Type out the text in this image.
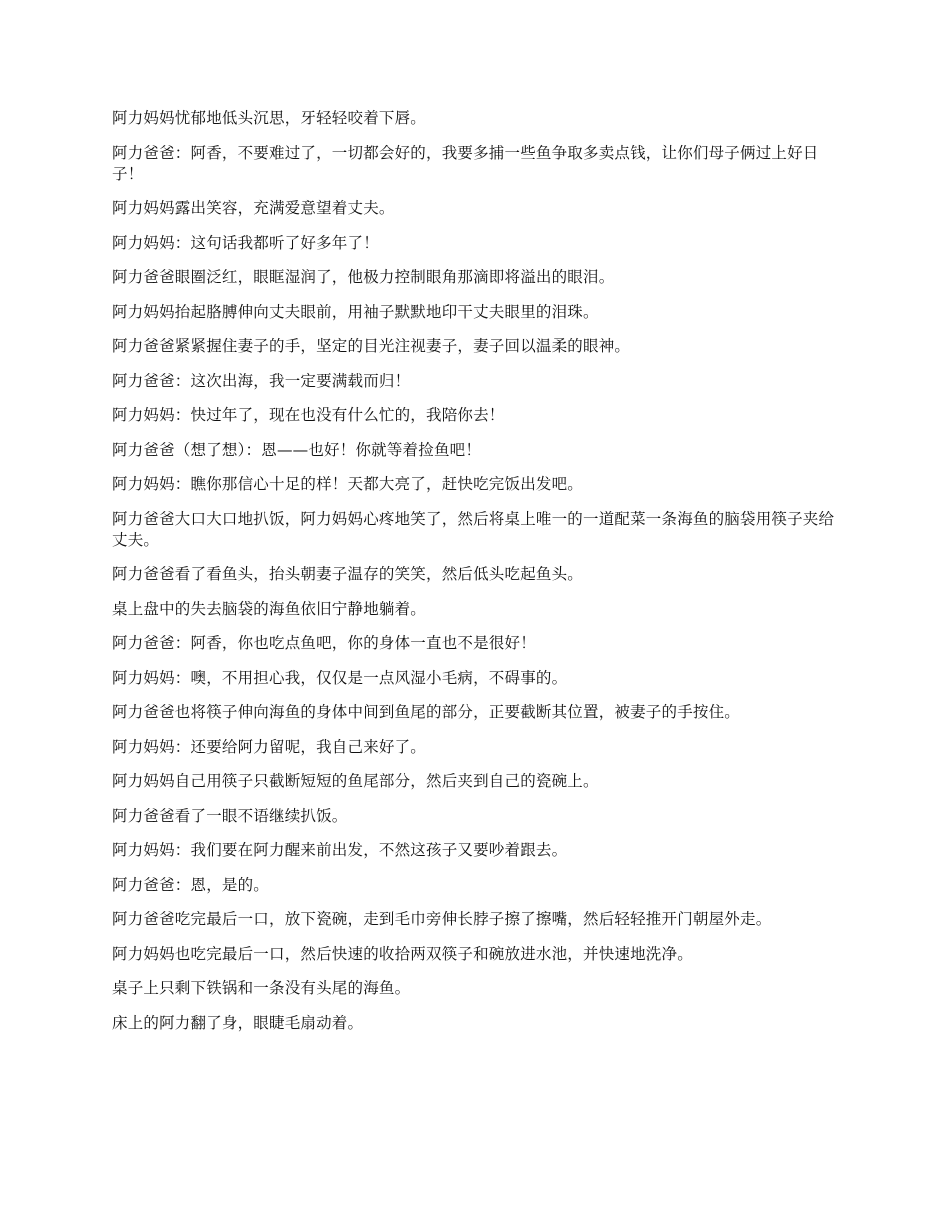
阿力妈妈忧郁地低头沉思，牙轻轻咬着下唇。

阿力爸爸：阿香，不要难过了，一切都会好的，我要多捕一些鱼争取多卖点钱，让你们母子俩过上好日子！

阿力妈妈露出笑容，充满爱意望着丈夫。

阿力妈妈：这句话我都听了好多年了！

阿力爸爸眼圈泛红，眼眶湿润了，他极力控制眼角那滴即将溢出的眼泪。

阿力妈妈抬起胳膊伸向丈夫眼前，用袖子默默地印干丈夫眼里的泪珠。

阿力爸爸紧紧握住妻子的手，坚定的目光注视妻子，妻子回以温柔的眼神。

阿力爸爸：这次出海，我一定要满载而归！

阿力妈妈：快过年了，现在也没有什么忙的，我陪你去！

阿力爸爸（想了想）：恩——也好！你就等着捡鱼吧！

阿力妈妈：瞧你那信心十足的样！天都大亮了，赶快吃完饭出发吧。

阿力爸爸大口大口地扒饭，阿力妈妈心疼地笑了，然后将桌上唯一的一道配菜一条海鱼的脑袋用筷子夹给丈夫。

阿力爸爸看了看鱼头，抬头朝妻子温存的笑笑，然后低头吃起鱼头。

桌上盘中的失去脑袋的海鱼依旧宁静地躺着。

阿力爸爸：阿香，你也吃点鱼吧，你的身体一直也不是很好！

阿力妈妈：噢，不用担心我，仅仅是一点风湿小毛病，不碍事的。

阿力爸爸也将筷子伸向海鱼的身体中间到鱼尾的部分，正要截断其位置，被妻子的手按住。

阿力妈妈：还要给阿力留呢，我自己来好了。

阿力妈妈自己用筷子只截断短短的鱼尾部分，然后夹到自己的瓷碗上。

阿力爸爸看了一眼不语继续扒饭。

阿力妈妈：我们要在阿力醒来前出发，不然这孩子又要吵着跟去。

阿力爸爸：恩，是的。

阿力爸爸吃完最后一口，放下瓷碗，走到毛巾旁伸长脖子擦了擦嘴，然后轻轻推开门朝屋外走。

阿力妈妈也吃完最后一口，然后快速的收拾两双筷子和碗放进水池，并快速地洗净。

桌子上只剩下铁锅和一条没有头尾的海鱼。

床上的阿力翻了身，眼睫毛扇动着。
